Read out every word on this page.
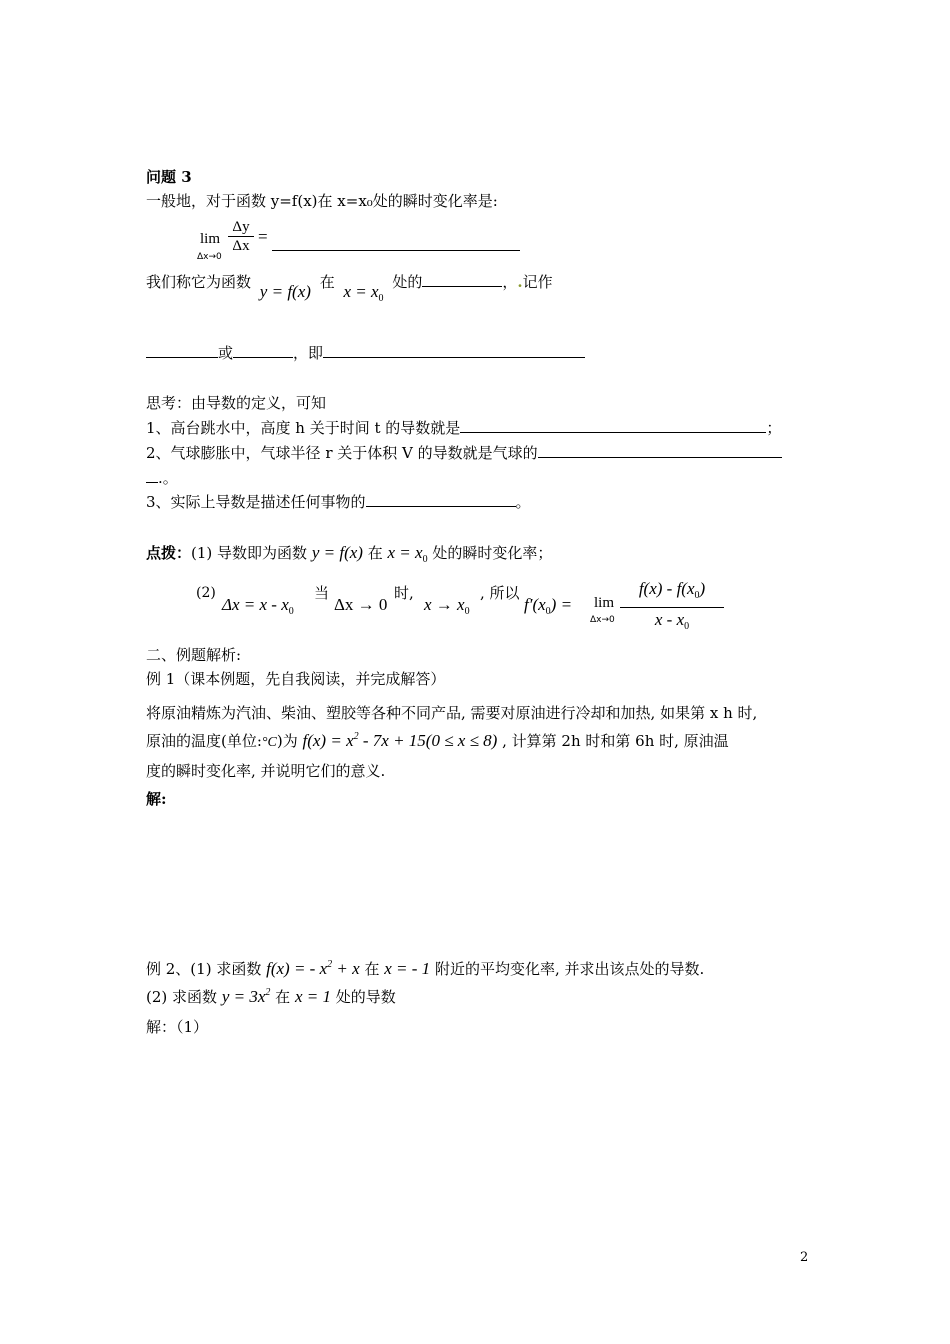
问题 3
一般地，对于函数 y=f(x)在 x=x₀处的瞬时变化率是:
lim
Δx→0
$\frac{\Delta y}{\Delta x}$ =
我们称它为函数 y = f(x) 在 $x = x_0$ 处的	，.记作
或	，即
思考：由导数的定义，可知
1、高台跳水中，高度 h 关于时间 t 的导数就是	；
2、气球膨胀中，气球半径 r 关于体积 V 的导数就是气球的
.。
3、实际上导数是描述任何事物的	。
点拨：(1) 导数即为函数 y = f(x) 在 $x = x_0$ 处的瞬时变化率；
(2)
$\Delta x = x - x_0$
当
Δx → 0
时,
$x \to x_0$
, 所以
$f'(x_0) = \lim$
$\Delta x\to 0 \frac{f(x) - f(x_0)}{x - x_0}$
二、例题解析:
例 1（课本例题，先自我阅读，并完成解答）
将原油精炼为汽油、柴油、塑胶等各种不同产品, 需要对原油进行冷却和加热, 如果第 x h 时,
原油的温度(单位:°C)为 $f(x) = x^2 - 7x + 15(0 \le x \le 8)$ , 计算第 2h 时和第 6h 时, 原油温
度的瞬时变化率, 并说明它们的意义.
解:
例 2、(1) 求函数 f(x) = - $x^2 + x$ 在 x = - 1 附近的平均变化率, 并求出该点处的导数.
(2) 求函数 $y = 3x^2$ 在 x = 1 处的导数
解：（1）
2
